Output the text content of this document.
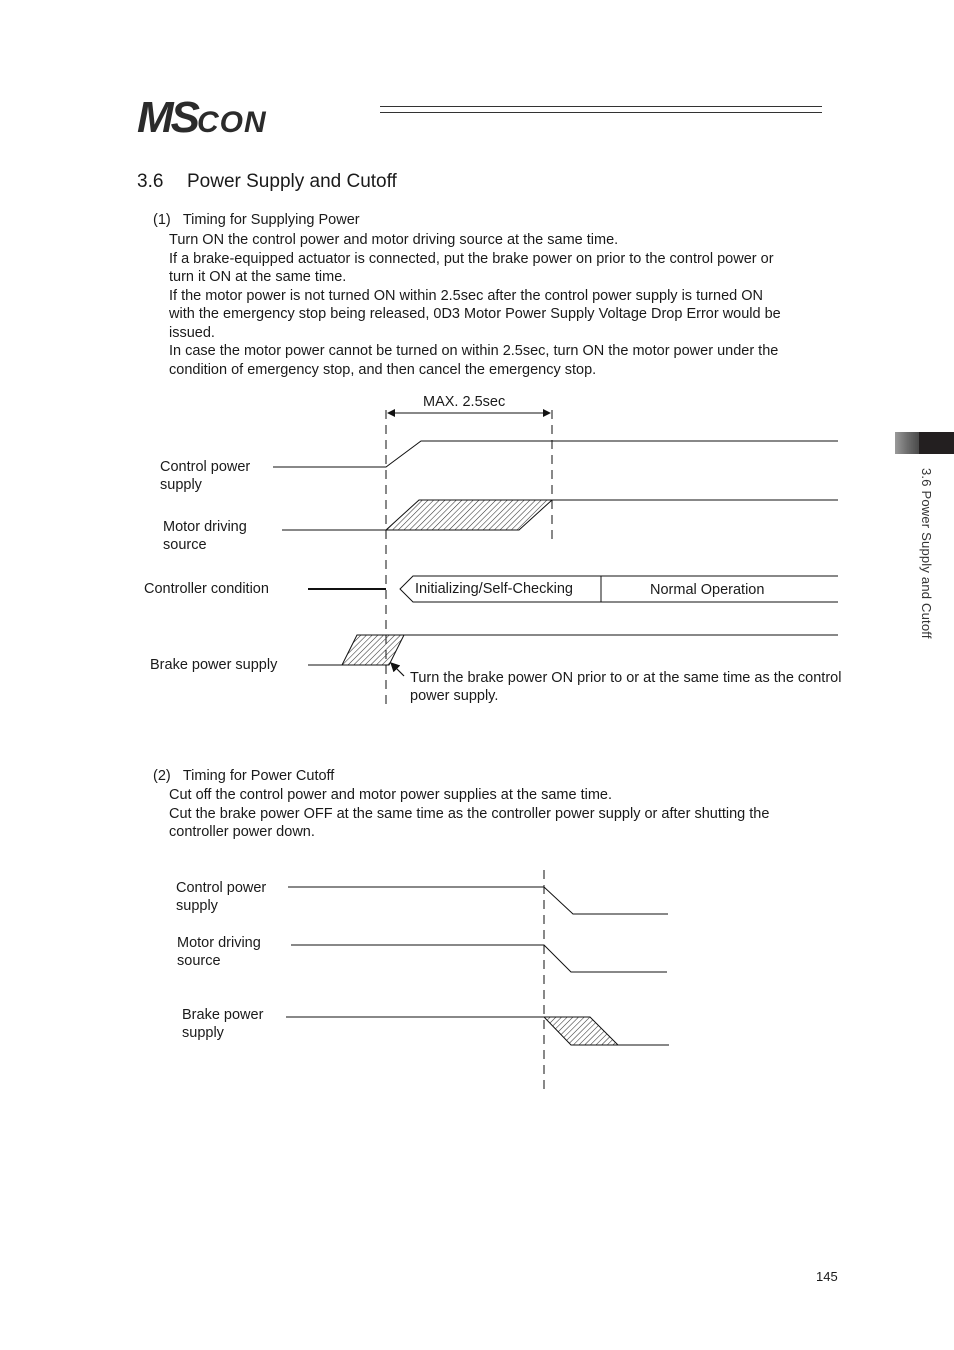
MSCON
3.6 Power Supply and Cutoff
3.6 Power Supply and Cutoff
(1) Timing for Supplying Power
Turn ON the control power and motor driving source at the same time.
If a brake-equipped actuator is connected, put the brake power on prior to the control power or
turn it ON at the same time.
If the motor power is not turned ON within 2.5sec after the control power supply is turned ON
with the emergency stop being released, 0D3 Motor Power Supply Voltage Drop Error would be
issued.
In case the motor power cannot be turned on within 2.5sec, turn ON the motor power under the
condition of emergency stop, and then cancel the emergency stop.
MAX. 2.5sec
Control power
supply
Motor driving
source
Controller condition	Initializing/Self-Checking	Normal Operation
Brake power supply
Turn the brake power ON prior to or at the same time as the control
power supply.
(2) Timing for Power Cutoff
Cut off the control power and motor power supplies at the same time.
Cut the brake power OFF at the same time as the controller power supply or after shutting the
controller power down.
Control power
supply
Motor driving
source
Brake power
supply
145
